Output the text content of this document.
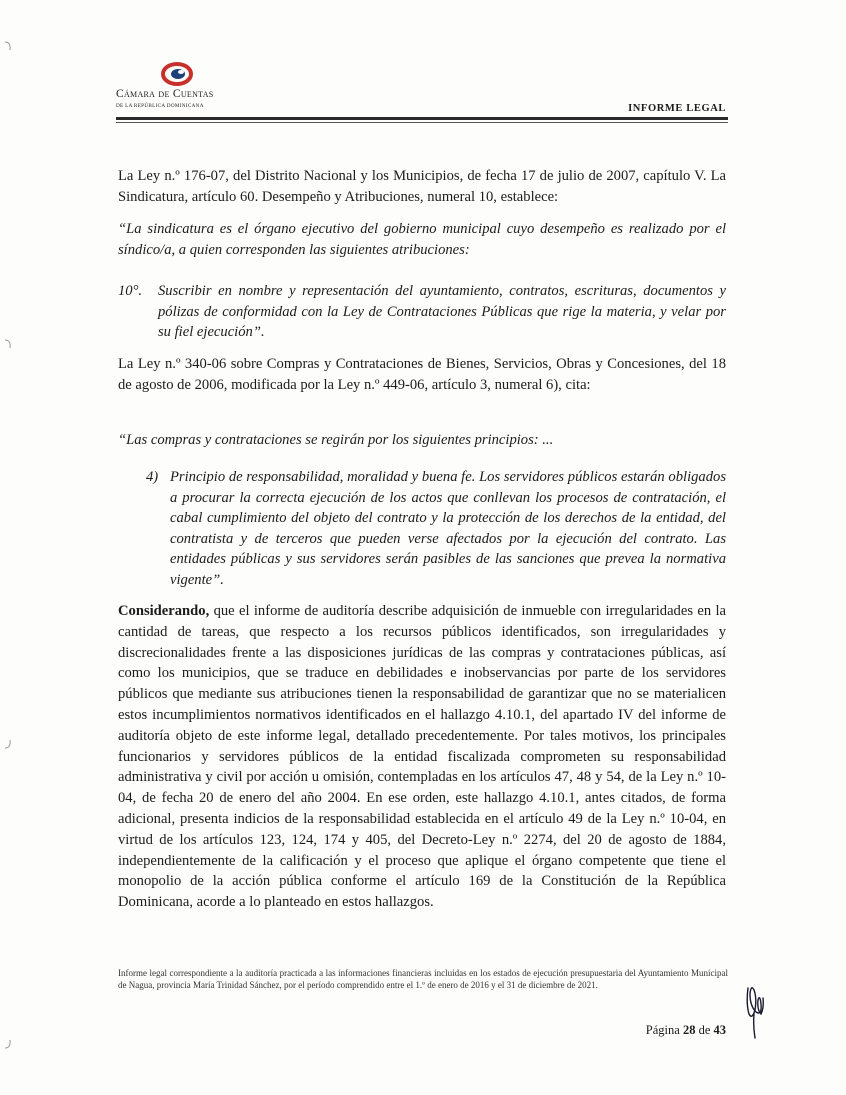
Cámara de Cuentas
DE LA REPÚBLICA DOMINICANA	INFORME LEGAL

La Ley n.º 176-07, del Distrito Nacional y los Municipios, de fecha 17 de julio de 2007, capítulo V. La Sindicatura, artículo 60. Desempeño y Atribuciones, numeral 10, establece:

“La sindicatura es el órgano ejecutivo del gobierno municipal cuyo desempeño es realizado por el síndico/a, a quien corresponden las siguientes atribuciones:

10°. Suscribir en nombre y representación del ayuntamiento, contratos, escrituras, documentos y pólizas de conformidad con la Ley de Contrataciones Públicas que rige la materia, y velar por su fiel ejecución”.

La Ley n.º 340-06 sobre Compras y Contrataciones de Bienes, Servicios, Obras y Concesiones, del 18 de agosto de 2006, modificada por la Ley n.º 449-06, artículo 3, numeral 6), cita:

“Las compras y contrataciones se regirán por los siguientes principios: ...

4) Principio de responsabilidad, moralidad y buena fe. Los servidores públicos estarán obligados a procurar la correcta ejecución de los actos que conllevan los procesos de contratación, el cabal cumplimiento del objeto del contrato y la protección de los derechos de la entidad, del contratista y de terceros que pueden verse afectados por la ejecución del contrato. Las entidades públicas y sus servidores serán pasibles de las sanciones que prevea la normativa vigente”.

Considerando, que el informe de auditoría describe adquisición de inmueble con irregularidades en la cantidad de tareas, que respecto a los recursos públicos identificados, son irregularidades y discrecionalidades frente a las disposiciones jurídicas de las compras y contrataciones públicas, así como los municipios, que se traduce en debilidades e inobservancias por parte de los servidores públicos que mediante sus atribuciones tienen la responsabilidad de garantizar que no se materialicen estos incumplimientos normativos identificados en el hallazgo 4.10.1, del apartado IV del informe de auditoría objeto de este informe legal, detallado precedentemente. Por tales motivos, los principales funcionarios y servidores públicos de la entidad fiscalizada comprometen su responsabilidad administrativa y civil por acción u omisión, contempladas en los artículos 47, 48 y 54, de la Ley n.º 10-04, de fecha 20 de enero del año 2004. En ese orden, este hallazgo 4.10.1, antes citados, de forma adicional, presenta indicios de la responsabilidad establecida en el artículo 49 de la Ley n.º 10-04, en virtud de los artículos 123, 124, 174 y 405, del Decreto-Ley n.º 2274, del 20 de agosto de 1884, independientemente de la calificación y el proceso que aplique el órgano competente que tiene el monopolio de la acción pública conforme el artículo 169 de la Constitución de la República Dominicana, acorde a lo planteado en estos hallazgos.

Informe legal correspondiente a la auditoría practicada a las informaciones financieras incluidas en los estados de ejecución presupuestaria del Ayuntamiento Municipal de Nagua, provincia María Trinidad Sánchez, por el período comprendido entre el 1.º de enero de 2016 y el 31 de diciembre de 2021.
Página 28 de 43
